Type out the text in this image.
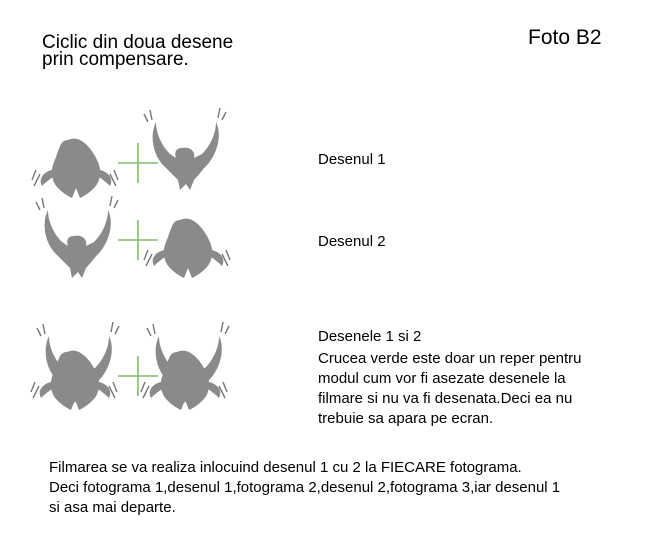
Ciclic din doua desene
prin compensare.
Foto B2
Desenul 1
Desenul 2
Desenele 1 si 2
Crucea verde este doar un reper pentru
modul cum vor fi asezate desenele la
filmare si nu va fi desenata.Deci ea nu
trebuie sa apara pe ecran.
Filmarea se va realiza inlocuind desenul 1 cu 2 la FIECARE fotograma.
Deci fotograma 1,desenul 1,fotograma 2,desenul 2,fotograma 3,iar desenul 1
si asa mai departe.
